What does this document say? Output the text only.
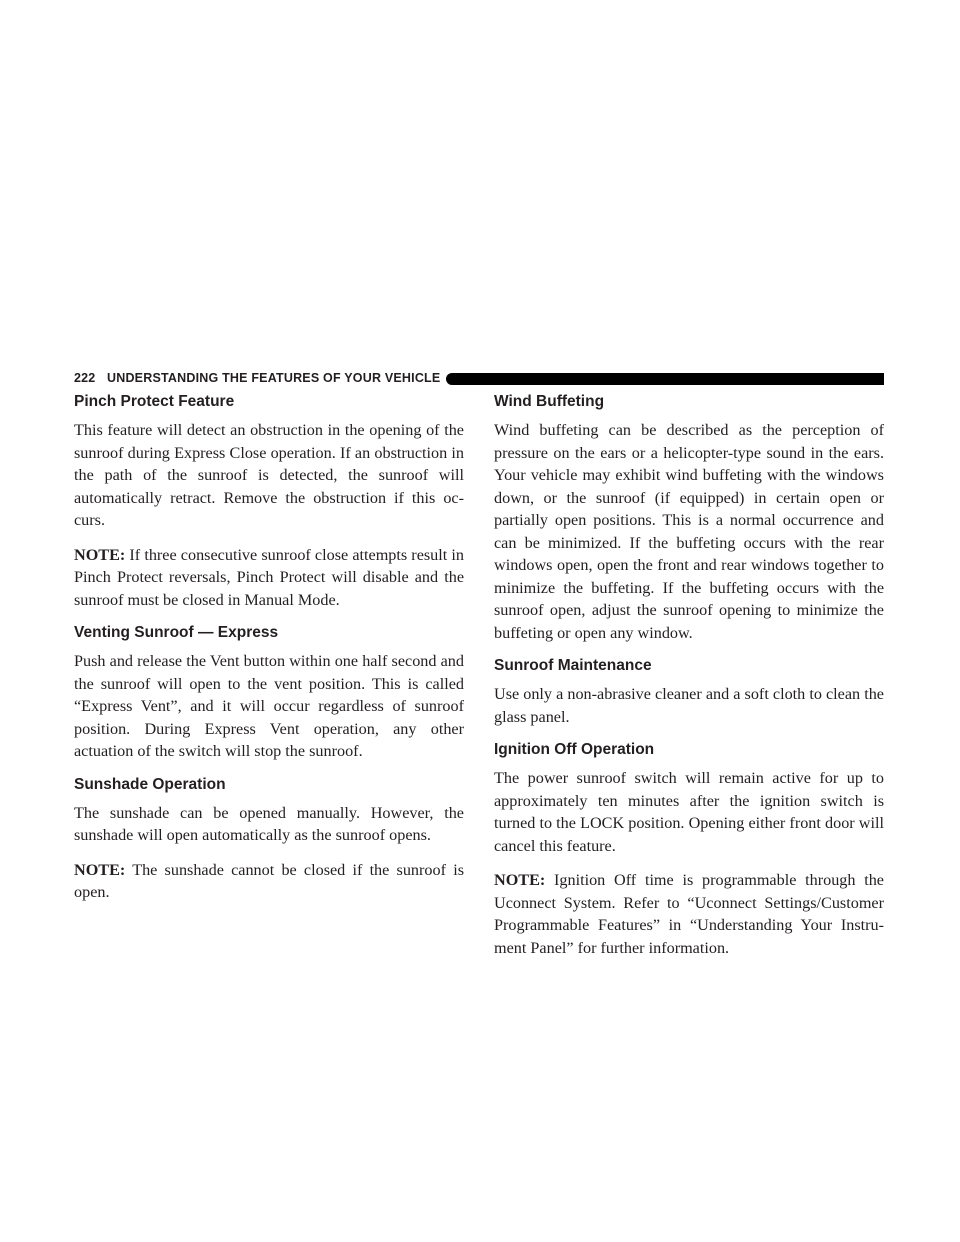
222 UNDERSTANDING THE FEATURES OF YOUR VEHICLE
Pinch Protect Feature

This feature will detect an obstruction in the opening of the sunroof during Express Close operation. If an obstruction in the path of the sunroof is detected, the sunroof will automatically retract. Remove the obstruction if this oc-curs.

NOTE: If three consecutive sunroof close attempts result in Pinch Protect reversals, Pinch Protect will disable and the sunroof must be closed in Manual Mode.

Venting Sunroof — Express

Push and release the Vent button within one half second and the sunroof will open to the vent position. This is called “Express Vent”, and it will occur regardless of sunroof position. During Express Vent operation, any other actuation of the switch will stop the sunroof.

Sunshade Operation

The sunshade can be opened manually. However, the sunshade will open automatically as the sunroof opens.

NOTE: The sunshade cannot be closed if the sunroof is open.

Wind Buffeting

Wind buffeting can be described as the perception of pressure on the ears or a helicopter-type sound in the ears. Your vehicle may exhibit wind buffeting with the windows down, or the sunroof (if equipped) in certain open or partially open positions. This is a normal occurrence and can be minimized. If the buffeting occurs with the rear windows open, open the front and rear windows together to minimize the buffeting. If the buffeting occurs with the sunroof open, adjust the sunroof opening to minimize the buffeting or open any window.

Sunroof Maintenance

Use only a non-abrasive cleaner and a soft cloth to clean the glass panel.

Ignition Off Operation

The power sunroof switch will remain active for up to approximately ten minutes after the ignition switch is turned to the LOCK position. Opening either front door will cancel this feature.

NOTE: Ignition Off time is programmable through the Uconnect System. Refer to “Uconnect Settings/Customer Programmable Features” in “Understanding Your Instru-ment Panel” for further information.
